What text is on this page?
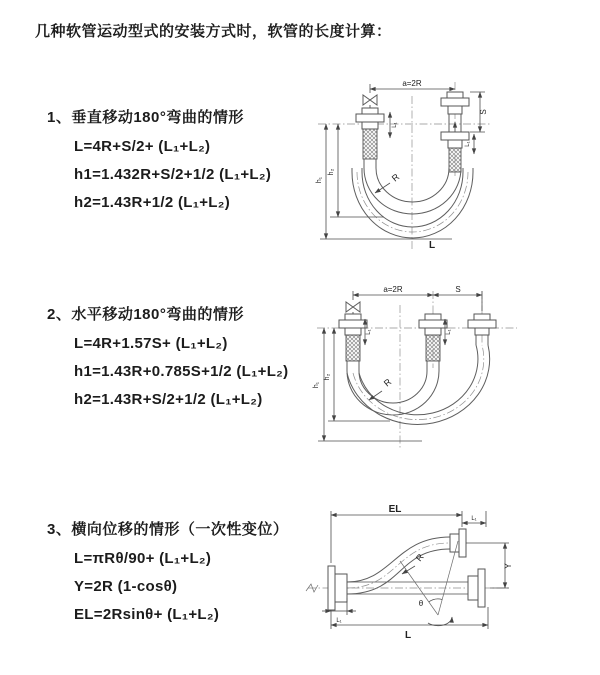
几种软管运动型式的安装方式时，软管的长度计算：
1、垂直移动180°弯曲的情形
L=4R+S/2+ (L₁+L₂)
h1=1.432R+S/2+1/2 (L₁+L₂)
h2=1.43R+1/2 (L₁+L₂)
2、水平移动180°弯曲的情形
L=4R+1.57S+ (L₁+L₂)
h1=1.43R+0.785S+1/2 (L₁+L₂)
h2=1.43R+S/2+1/2 (L₁+L₂)
3、横向位移的情形（一次性变位）
L=πRθ/90+ (L₁+L₂)
Y=2R (1-cosθ)
EL=2Rsinθ+ (L₁+L₂)
a=2R
S
L₁
L₁
h₁
h₂	R
L
a=2R	S
L₁	L₁
h₁
h₂	R
EL
L₁
Y
R
θ
L
L₁
